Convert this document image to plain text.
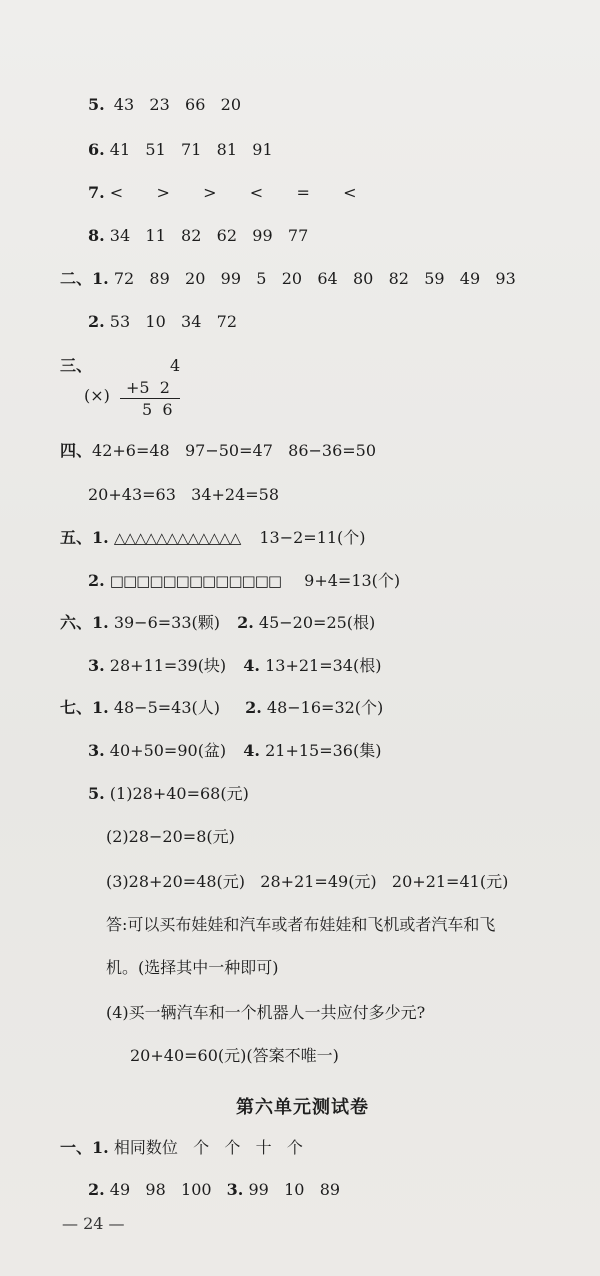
5. 43   23   66   20
6. 41   51   71   81   91
7. <   >   >   <   =   <
8. 34   11   82   62   99   77
二、1. 72   89   20   99   5   20   64   80   82   59   49   93
2. 53   10   34   72
三、
(×)
4
+5  2
5  6
四、42+6=48   97−50=47   86−36=50
20+43=63   34+24=58
五、1. △△△△△△△△△△△△ 13−2=11(个)
2. □□□□□□□□□□□□□ 9+4=13(个)
六、1. 39−6=33(颗) 2. 45−20=25(根)
3. 28+11=39(块) 4. 13+21=34(根)
七、1. 48−5=43(人) 2. 48−16=32(个)
3. 40+50=90(盆) 4. 21+15=36(集)
5. (1)28+40=68(元)
(2)28−20=8(元)
(3)28+20=48(元)   28+21=49(元)   20+21=41(元)
答:可以买布娃娃和汽车或者布娃娃和飞机或者汽车和飞
机。(选择其中一种即可)
(4)买一辆汽车和一个机器人一共应付多少元?
20+40=60(元)(答案不唯一)
第六单元测试卷
一、1. 相同数位   个   个   十   个
2. 49   98   100 3. 99   10   89
— 24 —
